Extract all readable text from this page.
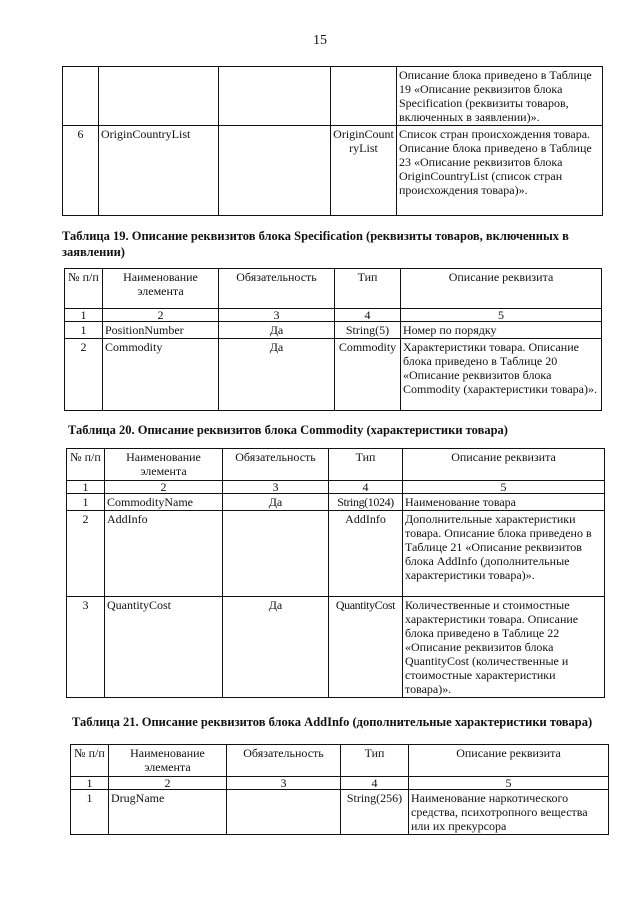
15
				Описание блока приведено в Таблице 19 «Описание реквизитов блока Specification (реквизиты товаров, включенных в заявлении)».
6	OriginCountryList		OriginCountryList	Список стран происхождения товара. Описание блока приведено в Таблице 23 «Описание реквизитов блока OriginCountryList (список стран происхождения товара)».
Таблица 19. Описание реквизитов блока Specification (реквизиты товаров, включенных в заявлении)
№ п/п	Наименование элемента	Обязательность	Тип	Описание реквизита
1	2	3	4	5
1	PositionNumber	Да	String(5)	Номер по порядку
2	Commodity	Да	Commodity	Характеристики товара. Описание блока приведено в Таблице 20 «Описание реквизитов блока Commodity (характеристики товара)».
Таблица 20. Описание реквизитов блока Commodity (характеристики товара)
№ п/п	Наименование элемента	Обязательность	Тип	Описание реквизита
1	2	3	4	5
1	CommodityName	Да	String(1024)	Наименование товара
2	AddInfo		AddInfo	Дополнительные характеристики товара. Описание блока приведено в Таблице 21 «Описание реквизитов блока AddInfo (дополнительные характеристики товара)».
3	QuantityCost	Да	QuantityCost	Количественные и стоимостные характеристики товара. Описание блока приведено в Таблице 22 «Описание реквизитов блока QuantityCost (количественные и стоимостные характеристики товара)».
Таблица 21. Описание реквизитов блока AddInfo (дополнительные характеристики товара)
№ п/п	Наименование элемента	Обязательность	Тип	Описание реквизита
1	2	3	4	5
1	DrugName		String(256)	Наименование наркотического средства, психотропного вещества или их прекурсора
